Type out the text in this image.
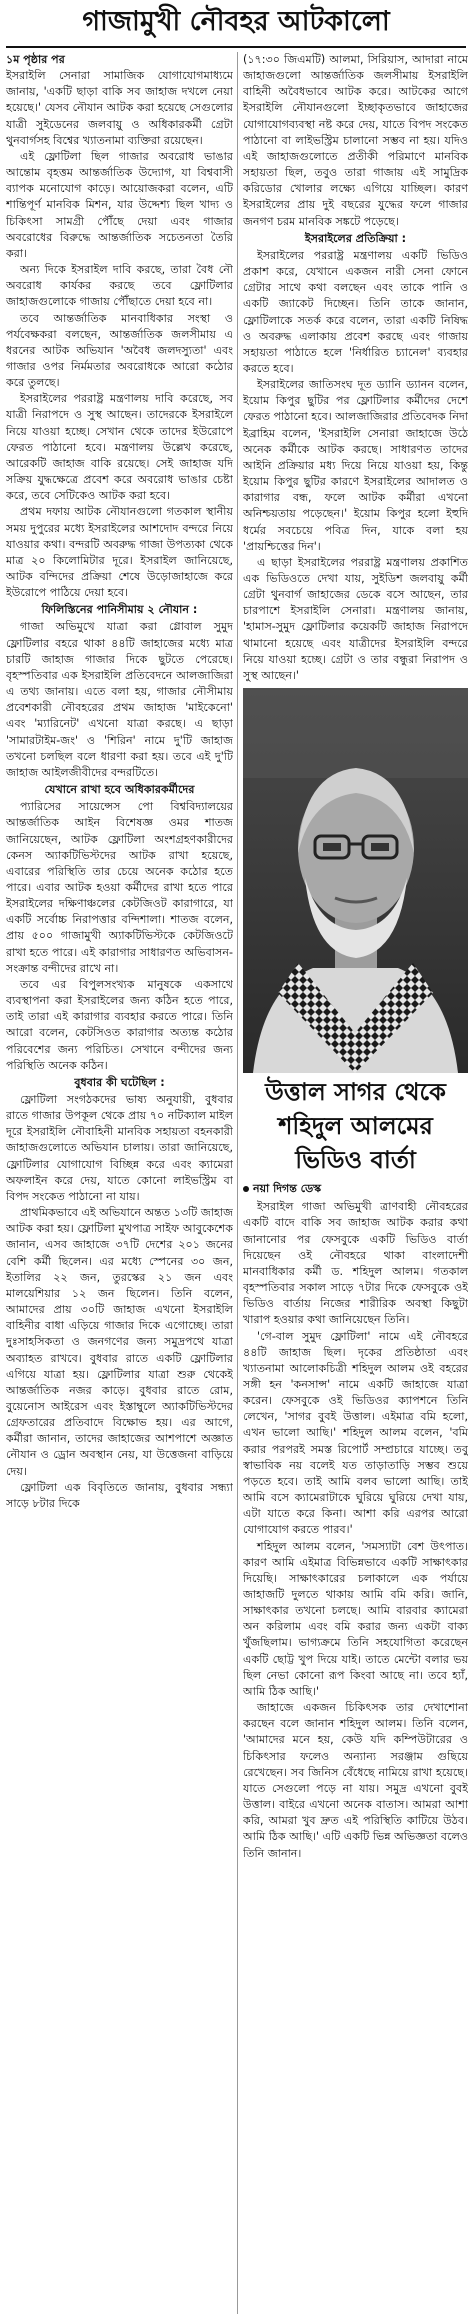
গাজামুখী নৌবহর আটকালো

১ম পৃষ্ঠার পর
ইসরাইলি সেনারা সামাজিক যোগাযোগমাধ্যমে জানায়, 'একটি ছাড়া বাকি সব জাহাজ দখলে নেয়া হয়েছে।' যেসব নৌযান আটক করা হয়েছে সেগুলোর যাত্রী সুইডেনের জলবায়ু ও অধিকারকর্মী গ্রেটা থুনবার্গসহ বিশ্বের খ্যাতনামা ব্যক্তিরা রয়েছেন।

এই ফ্লোটিলা ছিল গাজার অবরোধ ভাঙার আন্তোম বৃহত্তম আন্তর্জাতিক উদ্যোগ, যা বিশ্ববাসী ব্যাপক মনোযোগ কাড়ে। আয়োজকরা বলেন, এটি শান্তিপূর্ণ মানবিক মিশন, যার উদ্দেশ্য ছিল খাদ্য ও চিকিৎসা সামগ্রী পৌঁছে দেয়া এবং গাজার অবরোধের বিরুদ্ধে আন্তর্জাতিক সচেতনতা তৈরি করা।

অন্য দিকে ইসরাইল দাবি করছে, তারা বৈধ নৌ অবরোধ কার্যকর করছে তবে ফ্লোটিলার জাহাজগুলোকে গাজায় পৌঁছাতে দেয়া হবে না।

তবে আন্তর্জাতিক মানবাধিকার সংস্থা ও পর্যবেক্ষকরা বলছেন, আন্তর্জাতিক জলসীমায় এ ধরনের আটক অভিযান 'অবৈধ জলদস্যুতা' এবং গাজার ওপর নির্মমতার অবরোধকে আরো কঠোর করে তুলছে।

ইসরাইলের পররাষ্ট্র মন্ত্রণালয় দাবি করেছে, সব যাত্রী নিরাপদে ও সুস্থ আছেন। তাদেরকে ইসরাইলে নিয়ে যাওয়া হচ্ছে। সেখান থেকে তাদের ইউরোপে ফেরত পাঠানো হবে। মন্ত্রণালয় উল্লেখ করেছে, আরেকটি জাহাজ বাকি রয়েছে। সেই জাহাজ যদি সক্রিয় যুদ্ধক্ষেত্রে প্রবেশ করে অবরোধ ভাঙার চেষ্টা করে, তবে সেটিকেও আটক করা হবে।

প্রথম দফায় আটক নৌযানগুলো গতকাল স্থানীয় সময় দুপুরের মধ্যে ইসরাইলের আশদোদ বন্দরে নিয়ে যাওয়ার কথা। বন্দরটি অবরুদ্ধ গাজা উপত্যকা থেকে মাত্র ২০ কিলোমিটার দূরে। ইসরাইল জানিয়েছে, আটক বন্দিদের প্রক্রিয়া শেষে উড়োজাহাজে করে ইউরোপে পাঠিয়ে দেয়া হবে।

ফিলিস্তিনের পানিসীমায় ২ নৌযান :

গাজা অভিমুখে যাত্রা করা গ্লোবাল সুমুদ ফ্লোটিলার বহরে থাকা ৪৪টি জাহাজের মধ্যে মাত্র চারটি জাহাজ গাজার দিকে ছুটতে পেরেছে। বৃহস্পতিবার এক ইসরাইলি প্রতিবেদনে আলজাজিরা এ তথ্য জানায়। এতে বলা হয়, গাজার নৌসীমায় প্রবেশকারী নৌবহরের প্রথম জাহাজ 'মাইকেনো' এবং 'ম্যারিনেট' এখনো যাত্রা করছে। এ ছাড়া 'সামারটাইম-জং' ও 'শিরিন' নামে দু'টি জাহাজ তখনো চলছিল বলে ধারণা করা হয়। তবে এই দু'টি জাহাজ আইলজীবীদের বন্দরটিতে।

যেখানে রাখা হবে অধিকারকর্মীদের

প্যারিসের সায়েন্সেস পো বিশ্ববিদ্যালয়ের আন্তর্জাতিক আইন বিশেষজ্ঞ ওমর শাতজ জানিয়েছেন, আটক ফ্লোটিলা অংশগ্রহণকারীদের কেনস অ্যাকটিভিস্টদের আটক রাখা হয়েছে, এবারের পরিস্থিতি তার চেয়ে অনেক কঠোর হতে পারে। এবার আটক হওয়া কর্মীদের রাখা হতে পারে ইসরাইলের দক্ষিণাঞ্চলের কেটজিওট কারাগারে, যা একটি সর্বোচ্চ নিরাপত্তার বন্দিশালা। শাতজ বলেন, প্রায় ৫০০ গাজামুখী অ্যাকটিভিস্টকে কেটজিওটে রাখা হতে পারে। এই কারাগার সাধারণত অভিবাসন-সংক্রান্ত বন্দীদের রাখে না।

তবে এর বিপুলসংখ্যক মানুষকে একসাথে ব্যবস্থাপনা করা ইসরাইলের জন্য কঠিন হতে পারে, তাই তারা এই কারাগার ব্যবহার করতে পারে। তিনি আরো বলেন, কেটসিওত কারাগার অত্যন্ত কঠোর পরিবেশের জন্য পরিচিত। সেখানে বন্দীদের জন্য পরিস্থিতি অনেক কঠিন।

বুধবার কী ঘটেছিল :

ফ্লোটিলা সংগঠকদের ভাষ্য অনুযায়ী, বুধবার রাতে গাজার উপকূল থেকে প্রায় ৭০ নটিক্যাল মাইল দূরে ইসরাইলি নৌবাহিনী মানবিক সহায়তা বহনকারী জাহাজগুলোতে অভিযান চালায়। তারা জানিয়েছে, ফ্লোটিলার যোগাযোগ বিচ্ছিন্ন করে এবং ক্যামেরা অফলাইন করে দেয়, যাতে কোনো লাইভস্ট্রিম বা বিপদ সংকেত পাঠানো না যায়।

প্রাথমিকভাবে এই অভিযানে অন্তত ১৩টি জাহাজ আটক করা হয়। ফ্লোটিলা মুখপাত্র সাইফ আবুকেশেক জানান, এসব জাহাজে ৩৭টি দেশের ২০১ জনের বেশি কর্মী ছিলেন। এর মধ্যে স্পেনের ৩০ জন, ইতালির ২২ জন, তুরস্কের ২১ জন এবং মালয়েশিয়ার ১২ জন ছিলেন। তিনি বলেন, আমাদের প্রায় ৩০টি জাহাজ এখনো ইসরাইলি বাহিনীর বাধা এড়িয়ে গাজার দিকে এগোচ্ছে। তারা দুঃসাহসিকতা ও জনগণের জন্য সমুদ্রপথে যাত্রা অব্যাহত রাখবে। বুধবার রাতে একটি ফ্লোটিলার এগিয়ে যাত্রা হয়। ফ্লোটিলার যাত্রা শুরু থেকেই আন্তর্জাতিক নজর কাড়ে। বুধবার রাতে রোম, বুয়েনোস আইরেস এবং ইস্তাম্বুলে অ্যাকটিভিস্টদের গ্রেফতারের প্রতিবাদে বিক্ষোভ হয়। এর আগে, কর্মীরা জানান, তাদের জাহাজের আশপাশে অজ্ঞাত নৌযান ও ড্রোন অবস্থান নেয়, যা উত্তেজনা বাড়িয়ে দেয়।

ফ্লোটিলা এক বিবৃতিতে জানায়, বুধবার সন্ধ্যা সাড়ে ৮টার দিকে

(১৭:৩০ জিএমটি) আলমা, সিরিয়াস, আদারা নামে জাহাজগুলো আন্তর্জাতিক জলসীমায় ইসরাইলি বাহিনী অবৈধভাবে আটক করে। আটকের আগে ইসরাইলি নৌযানগুলো ইচ্ছাকৃতভাবে জাহাজের যোগাযোগব্যবস্থা নষ্ট করে দেয়, যাতে বিপদ সংকেত পাঠানো বা লাইভস্ট্রিম চালানো সম্ভব না হয়। যদিও এই জাহাজগুলোতে প্রতীকী পরিমাণে মানবিক সহায়তা ছিল, তবুও তারা গাজায় এই সামুদ্রিক করিডোর খোলার লক্ষ্যে এগিয়ে যাচ্ছিল। কারণ ইসরাইলের প্রায় দুই বছরের যুদ্ধের ফলে গাজার জনগণ চরম মানবিক সঙ্কটে পড়েছে।

ইসরাইলের প্রতিক্রিয়া :

ইসরাইলের পররাষ্ট্র মন্ত্রণালয় একটি ভিডিও প্রকাশ করে, যেখানে একজন নারী সেনা ফোনে গ্রেটার সাথে কথা বলছেন এবং তাকে পানি ও একটি জ্যাকেট দিচ্ছেন। তিনি তাকে জানান, ফ্লোটিলাকে সতর্ক করে বলেন, তারা একটি নিষিদ্ধ ও অবরুদ্ধ এলাকায় প্রবেশ করছে এবং গাজায় সহায়তা পাঠাতে হলে 'নির্ধারিত চ্যানেল' ব্যবহার করতে হবে।

ইসরাইলের জাতিসংঘ দূত ড্যানি ড্যানন বলেন, ইয়োম কিপুর ছুটির পর ফ্লোটিলার কর্মীদের দেশে ফেরত পাঠানো হবে। আলজাজিরার প্রতিবেদক নিদা ইব্রাহিম বলেন, 'ইসরাইলি সেনারা জাহাজে উঠে অনেক কর্মীকে আটক করছে। সাধারণত তাদের আইনি প্রক্রিয়ার মধ্য দিয়ে নিয়ে যাওয়া হয়, কিন্তু ইয়োম কিপুর ছুটির কারণে ইসরাইলের আদালত ও কারাগার বন্ধ, ফলে আটক কর্মীরা এখনো অনিশ্চয়তায় পড়েছেন।' ইয়োম কিপুর হলো ইহুদি ধর্মের সবচেয়ে পবিত্র দিন, যাকে বলা হয় 'প্রায়শ্চিত্তের দিন'।

এ ছাড়া ইসরাইলের পররাষ্ট্র মন্ত্রণালয় প্রকাশিত এক ভিডিওতে দেখা যায়, সুইডিশ জলবায়ু কর্মী গ্রেটা থুনবার্গ জাহাজের ডেকে বসে আছেন, তার চারপাশে ইসরাইলি সেনারা। মন্ত্রণালয় জানায়, 'হামাস-সুমুদ ফ্লোটিলার কয়েকটি জাহাজ নিরাপদে থামানো হয়েছে এবং যাত্রীদের ইসরাইলি বন্দরে নিয়ে যাওয়া হচ্ছে। গ্রেটা ও তার বন্ধুরা নিরাপদ ও সুস্থ আছেন।'

উত্তাল সাগর থেকে শহিদুল আলমের ভিডিও বার্তা
নয়া দিগন্ত ডেস্ক

ইসরাইল গাজা অভিমুখী ত্রাণবাহী নৌবহরের একটি বাদে বাকি সব জাহাজ আটক করার কথা জানানোর পর ফেসবুকে একটি ভিডিও বার্তা দিয়েছেন ওই নৌবহরে থাকা বাংলাদেশী মানবাধিকার কর্মী ড. শহিদুল আলম। গতকাল বৃহস্পতিবার সকাল সাড়ে ৭টার দিকে ফেসবুকে ওই ভিডিও বার্তায় নিজের শারীরিক অবস্থা কিছুটা খারাপ হওয়ার কথা জানিয়েছেন তিনি।

'গে-বাল সুমুদ ফ্লোটিলা' নামে এই নৌবহরে ৪৪টি জাহাজ ছিল। দৃকের প্রতিষ্ঠাতা এবং খ্যাতনামা আলোকচিত্রী শহিদুল আলম ওই বহরের সঙ্গী হন 'কনসান্স' নামে একটি জাহাজে যাত্রা করেন। ফেসবুকে ওই ভিডিওর ক্যাপশনে তিনি লেখেন, 'সাগর বুবই উত্তাল। এইমাত্র বমি হলো, এখন ভালো আছি।' শহিদুল আলম বলেন, 'বমি করার পরপরই সমস্ত রিপোর্ট সম্প্রচারে যাচ্ছে। তবু স্বাভাবিক নয় বলেই যত তাড়াতাড়ি সম্ভব শুয়ে পড়তে হবে। তাই আমি বলব ভালো আছি। তাই আমি বসে ক্যামেরাটাকে ঘুরিয়ে ঘুরিয়ে দেখা যায়, এটা যাতে করে কিনা। আশা করি এরপর আরো যোগাযোগ করতে পারব।'

শহিদুল আলম বলেন, 'সমস্যাটা বেশ উৎপাত। কারণ আমি এইমাত্র বিভিন্নভাবে একটি সাক্ষাৎকার দিয়েছি। সাক্ষাৎকারের চলাকালে এক পর্যায়ে জাহাজটি দুলতে থাকায় আমি বমি করি। জানি, সাক্ষাৎকার তখনো চলছে। আমি বারবার ক্যামেরা অন করিলাম এবং বমি করার জন্য একটা বাক্য খুঁজছিলাম। ভাগ্যক্রমে তিনি সহযোগিতা করেছেন একটি ছোট্ট খুপ দিয়ে যাই। তাতে মেন্টো বলার ভয় ছিল নেভা কোনো রূপ কিংবা আছে না। তবে হ্যাঁ, আমি ঠিক আছি।'

জাহাজে একজন চিকিৎসক তার দেখাশোনা করছেন বলে জানান শহিদুল আলম। তিনি বলেন, 'আমাদের মনে হয়, কেউ যদি কম্পিউটারের ও চিকিৎসার ফলেও অন্যান্য সরঞ্জাম গুছিয়ে রেখেছেন। সব জিনিস বেঁধেছে নামিয়ে রাখা হয়েছে। যাতে সেগুলো পড়ে না যায়। সমুদ্র এখনো বুবই উত্তাল। বাইরে এখনো অনেক বাতাস। আমরা আশা করি, আমরা খুব দ্রুত এই পরিস্থিতি কাটিয়ে উঠব। আমি ঠিক আছি।' এটি একটি ভিন্ন অভিজ্ঞতা বলেও তিনি জানান।
